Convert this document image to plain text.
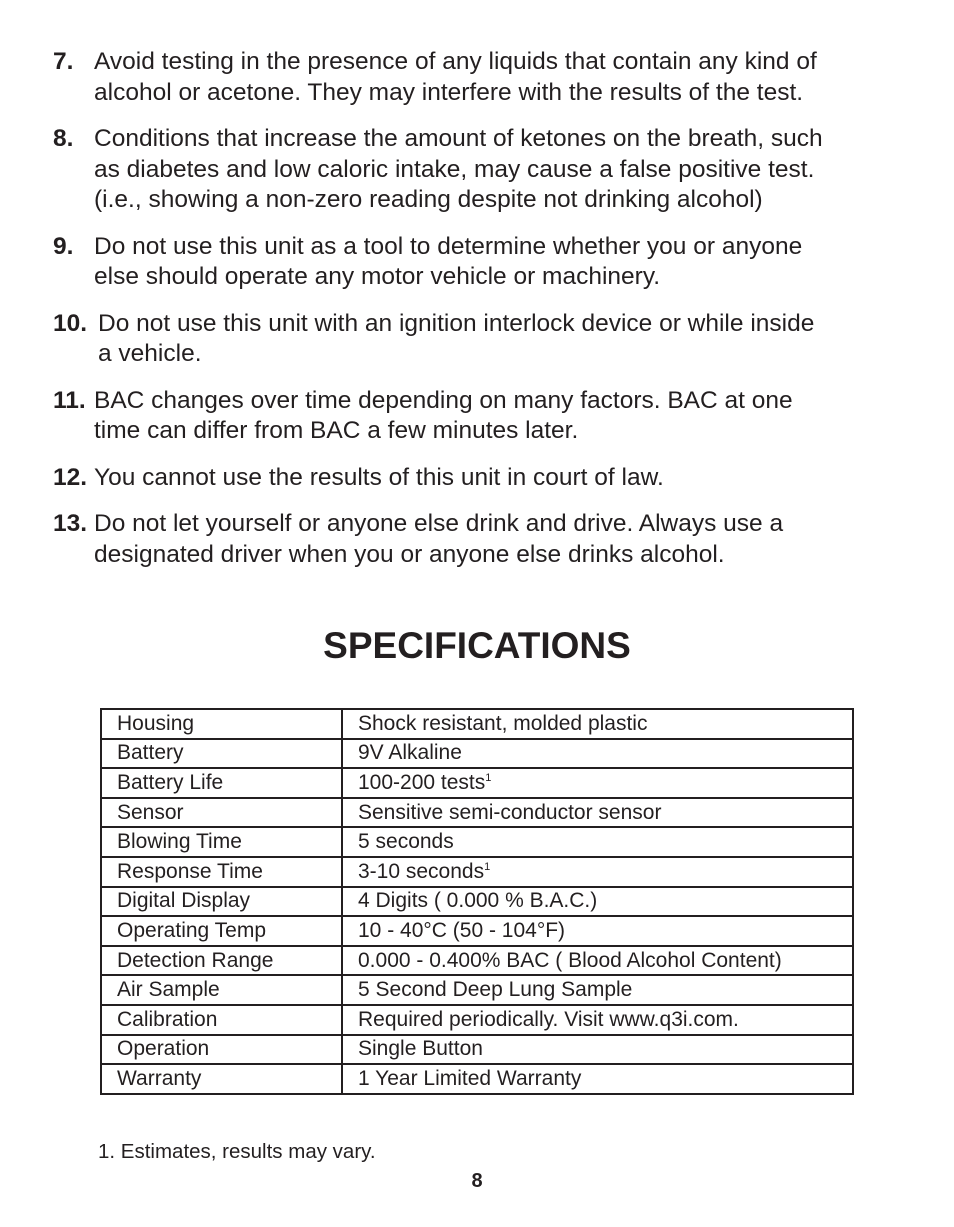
7. Avoid testing in the presence of any liquids that contain any kind of
alcohol or acetone. They may interfere with the results of the test.
8. Conditions that increase the amount of ketones on the breath, such
as diabetes and low caloric intake, may cause a false positive test.
(i.e., showing a non-zero reading despite not drinking alcohol)
9. Do not use this unit as a tool to determine whether you or anyone
else should operate any motor vehicle or machinery.
10. Do not use this unit with an ignition interlock device or while inside
a vehicle.
11. BAC changes over time depending on many factors. BAC at one
time can differ from BAC a few minutes later.
12. You cannot use the results of this unit in court of law.
13. Do not let yourself or anyone else drink and drive. Always use a
designated driver when you or anyone else drinks alcohol.
SPECIFICATIONS
Housing	Shock resistant, molded plastic
Battery	9V Alkaline
Battery Life	100-200 tests$^1$
Sensor	Sensitive semi-conductor sensor
Blowing Time	5 seconds
Response Time	3-10 seconds$^1$
Digital Display	4 Digits ( 0.000 % B.A.C.)
Operating Temp	10 - 40°C (50 - 104°F)
Detection Range	0.000 - 0.400% BAC ( Blood Alcohol Content)
Air Sample	5 Second Deep Lung Sample
Calibration	Required periodically. Visit www.q3i.com.
Operation	Single Button
Warranty	1 Year Limited Warranty
1. Estimates, results may vary.
8
